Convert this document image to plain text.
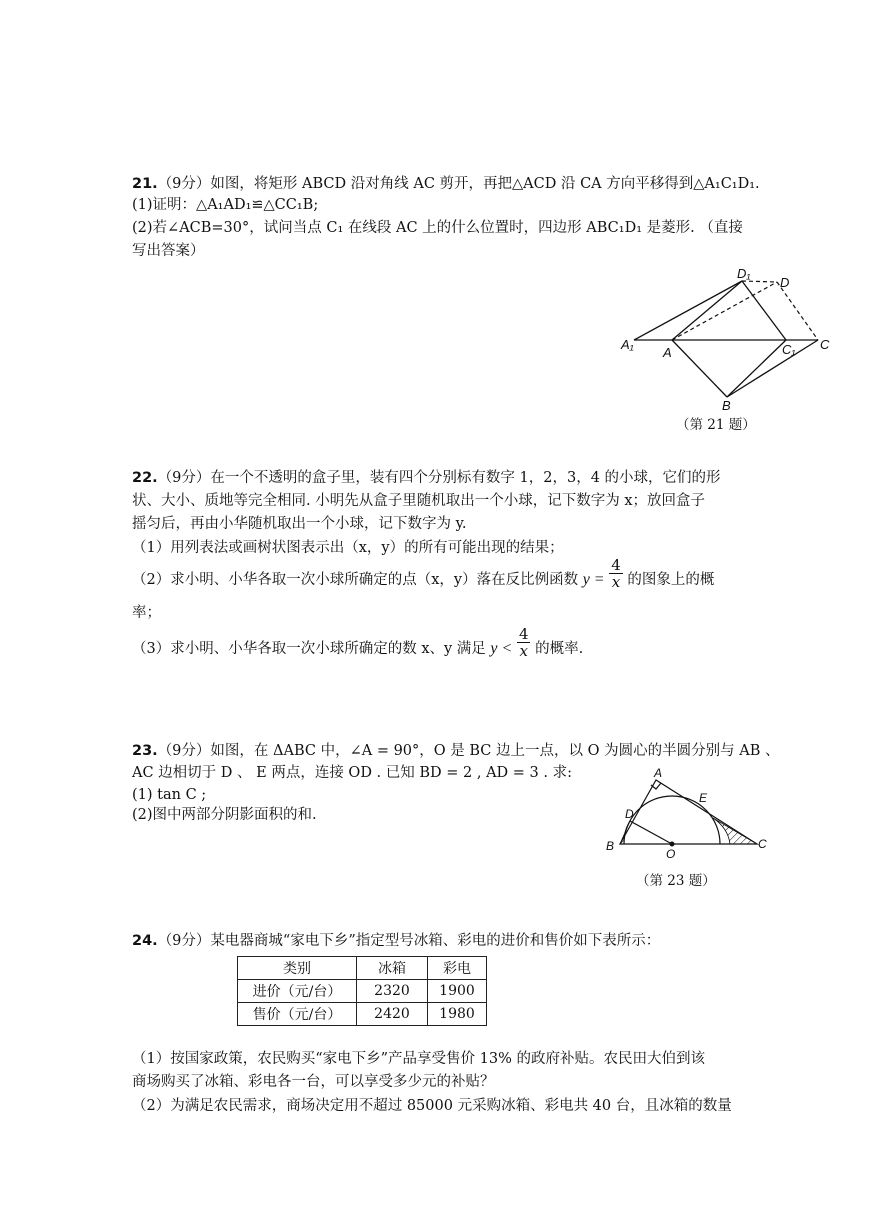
21.（9分）如图，将矩形 ABCD 沿对角线 AC 剪开，再把△ACD 沿 CA 方向平移得到△A₁C₁D₁.
(1)证明：△A₁AD₁≌△CC₁B;
(2)若∠ACB=30°，试问当点 C₁ 在线段 AC 上的什么位置时，四边形 ABC₁D₁ 是菱形. （直接
写出答案）
D₁
D
A₁
A	C₁ C
B
（第 21 题）
22.（9分）在一个不透明的盒子里，装有四个分别标有数字 1，2，3，4 的小球，它们的形
状、大小、质地等完全相同. 小明先从盒子里随机取出一个小球，记下数字为 x；放回盒子
摇匀后，再由小华随机取出一个小球，记下数字为 y.
（1）用列表法或画树状图表示出（x，y）的所有可能出现的结果；
（2）求小明、小华各取一次小球所确定的点（x，y）落在反比例函数 $y = \frac{4}{x}$ 的图象上的概
率；
（3）求小明、小华各取一次小球所确定的数 x、y 满足 $y < \frac{4}{x}$ 的概率.
23.（9分）如图，在 ΔABC 中，∠A = 90°，O 是 BC 边上一点，以 O 为圆心的半圆分别与 AB 、
AC 边相切于 D 、 E 两点，连接 OD . 已知 BD = 2 , AD = 3 . 求:
(1) tan C ;
(2)图中两部分阴影面积的和.
A
B	C
D
E
O
（第 23 题）
24.（9分）某电器商城“家电下乡”指定型号冰箱、彩电的进价和售价如下表所示：
类别	冰箱	彩电
进价（元/台）	2320	1900
售价（元/台）	2420	1980
（1）按国家政策，农民购买“家电下乡”产品享受售价 13% 的政府补贴。农民田大伯到该
商场购买了冰箱、彩电各一台，可以享受多少元的补贴？
（2）为满足农民需求，商场决定用不超过 85000 元采购冰箱、彩电共 40 台，且冰箱的数量
